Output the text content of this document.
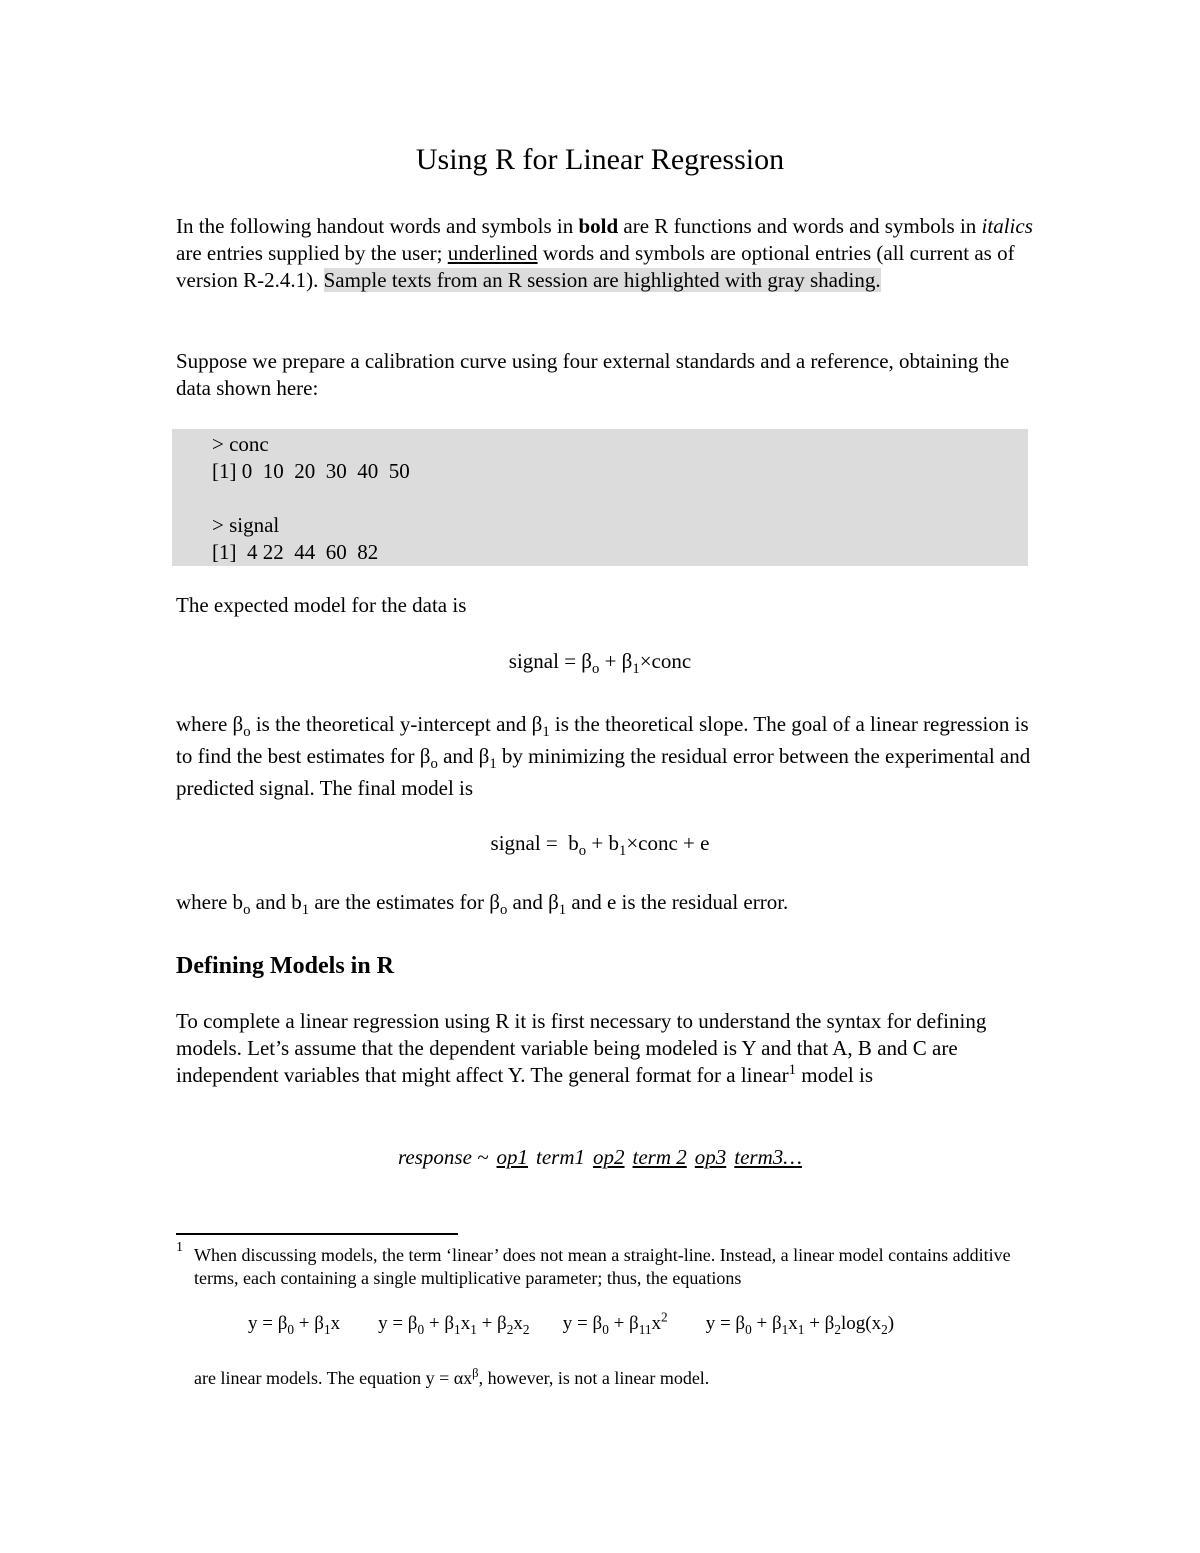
Using R for Linear Regression

In the following handout words and symbols in bold are R functions and words and symbols in italics are entries supplied by the user; underlined words and symbols are optional entries (all current as of version R-2.4.1). Sample texts from an R session are highlighted with gray shading.

Suppose we prepare a calibration curve using four external standards and a reference, obtaining the data shown here:

> conc
[1] 0  10  20  30  40  50
> signal
[1]  4 22  44  60  82

The expected model for the data is

signal = $\beta_o$ + $\beta_1\times conc$

where $\beta_o$ is the theoretical y-intercept and $\beta_1$ is the theoretical slope. The goal of a linear regression is to find the best estimates for $\beta_o$ and $\beta_1$ by minimizing the residual error between the experimental and predicted signal. The final model is

signal =  $b_o$ + $b_1\times conc + e$

where $b_o$ and $b_1$ are the estimates for $\beta_o$ and $\beta_1$ and e is the residual error.

Defining Models in R

To complete a linear regression using R it is first necessary to understand the syntax for defining models. Let’s assume that the dependent variable being modeled is Y and that A, B and C are independent variables that might affect Y. The general format for a linear$^1$ model is

response ~ op1 term1 op2 term 2 op3 term3…
1 When discussing models, the term ‘linear’ does not mean a straight-line. Instead, a linear model contains additive terms, each containing a single multiplicative parameter; thus, the equations
$y = \beta_0 + \beta_1x$        $y = \beta_0 + \beta_1x_1 + \beta_2x_2$       $y = \beta_0 + \beta_{11}x^2$        $y = \beta_0 + \beta_1x_1 + \beta_2\log(x_2)$
are linear models. The equation $y = \alpha x^\beta$, however, is not a linear model.
